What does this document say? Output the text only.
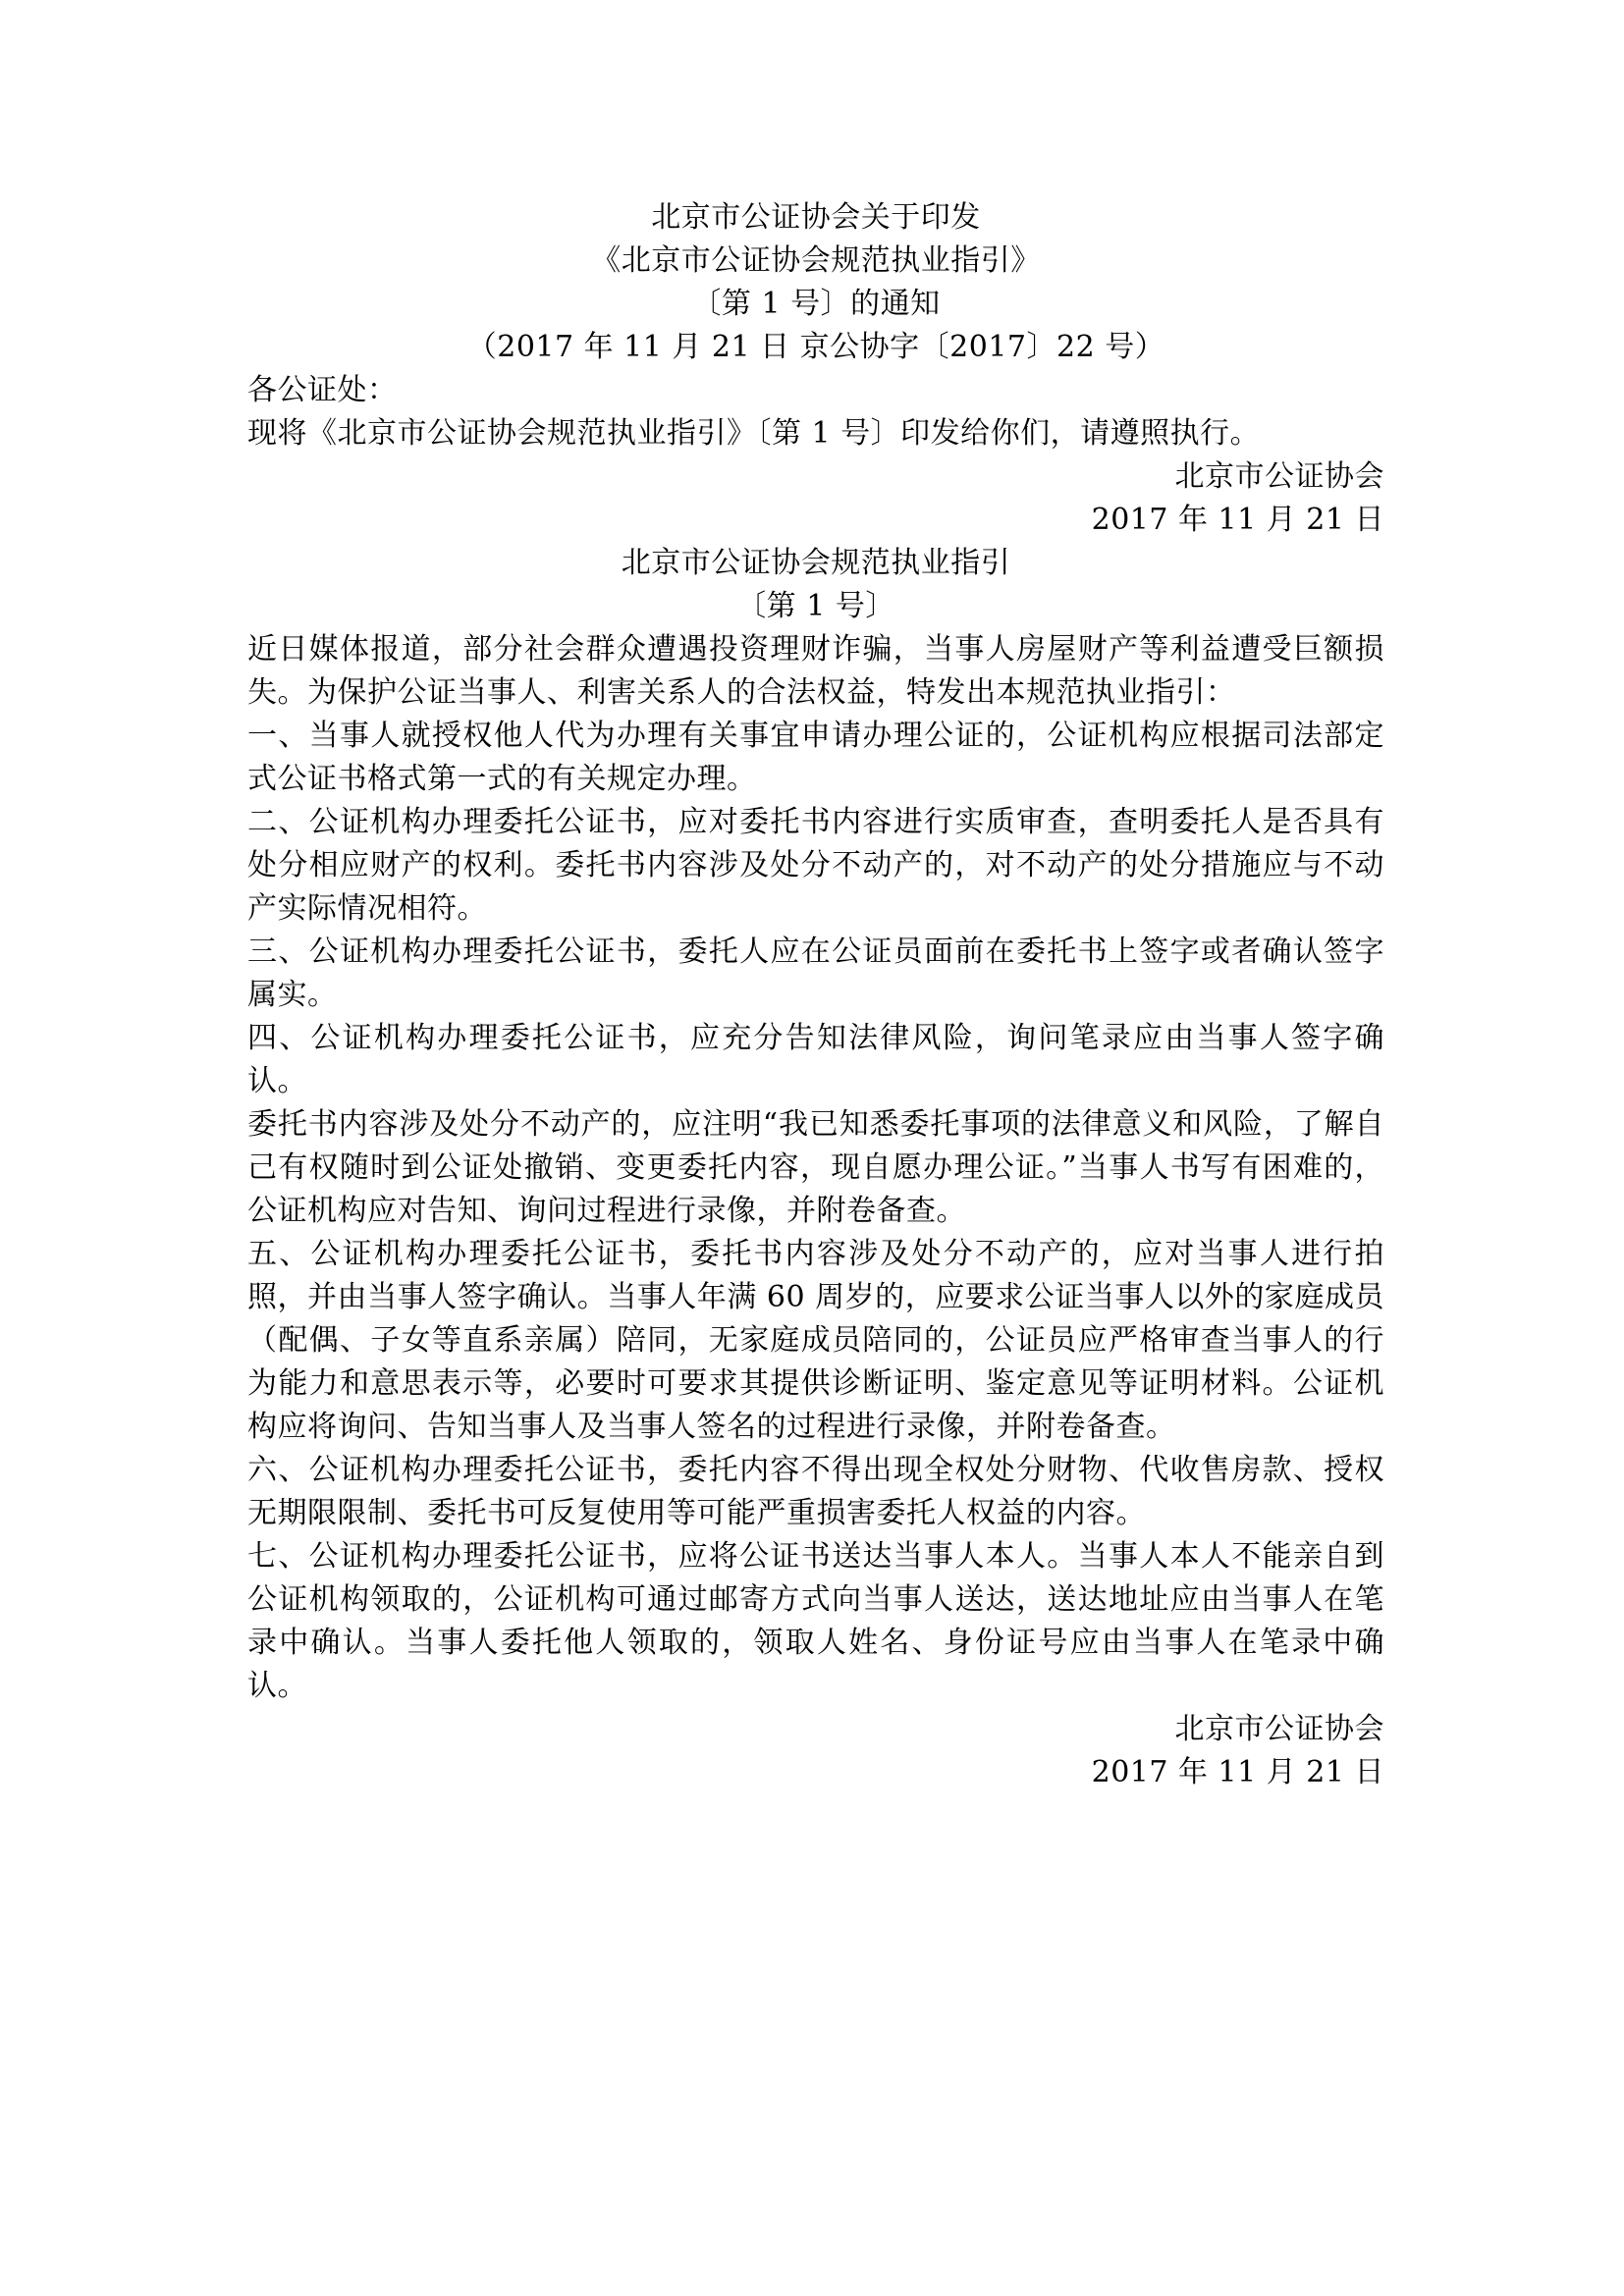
北京市公证协会关于印发
《北京市公证协会规范执业指引》
〔第 1 号〕的通知
（2017 年 11 月 21 日 京公协字〔2017〕22 号）
各公证处：
现将《北京市公证协会规范执业指引》〔第 1 号〕印发给你们，请遵照执行。
北京市公证协会
2017 年 11 月 21 日
北京市公证协会规范执业指引
〔第 1 号〕
近日媒体报道，部分社会群众遭遇投资理财诈骗，当事人房屋财产等利益遭受巨额损失。为保护公证当事人、利害关系人的合法权益，特发出本规范执业指引：
一、当事人就授权他人代为办理有关事宜申请办理公证的，公证机构应根据司法部定式公证书格式第一式的有关规定办理。
二、公证机构办理委托公证书，应对委托书内容进行实质审查，查明委托人是否具有处分相应财产的权利。委托书内容涉及处分不动产的，对不动产的处分措施应与不动产实际情况相符。
三、公证机构办理委托公证书，委托人应在公证员面前在委托书上签字或者确认签字属实。
四、公证机构办理委托公证书，应充分告知法律风险，询问笔录应由当事人签字确认。
委托书内容涉及处分不动产的，应注明“我已知悉委托事项的法律意义和风险，了解自己有权随时到公证处撤销、变更委托内容，现自愿办理公证。”当事人书写有困难的，公证机构应对告知、询问过程进行录像，并附卷备查。
五、公证机构办理委托公证书，委托书内容涉及处分不动产的，应对当事人进行拍照，并由当事人签字确认。当事人年满 60 周岁的，应要求公证当事人以外的家庭成员（配偶、子女等直系亲属）陪同，无家庭成员陪同的，公证员应严格审查当事人的行为能力和意思表示等，必要时可要求其提供诊断证明、鉴定意见等证明材料。公证机构应将询问、告知当事人及当事人签名的过程进行录像，并附卷备查。
六、公证机构办理委托公证书，委托内容不得出现全权处分财物、代收售房款、授权无期限限制、委托书可反复使用等可能严重损害委托人权益的内容。
七、公证机构办理委托公证书，应将公证书送达当事人本人。当事人本人不能亲自到公证机构领取的，公证机构可通过邮寄方式向当事人送达，送达地址应由当事人在笔录中确认。当事人委托他人领取的，领取人姓名、身份证号应由当事人在笔录中确认。
北京市公证协会
2017 年 11 月 21 日
